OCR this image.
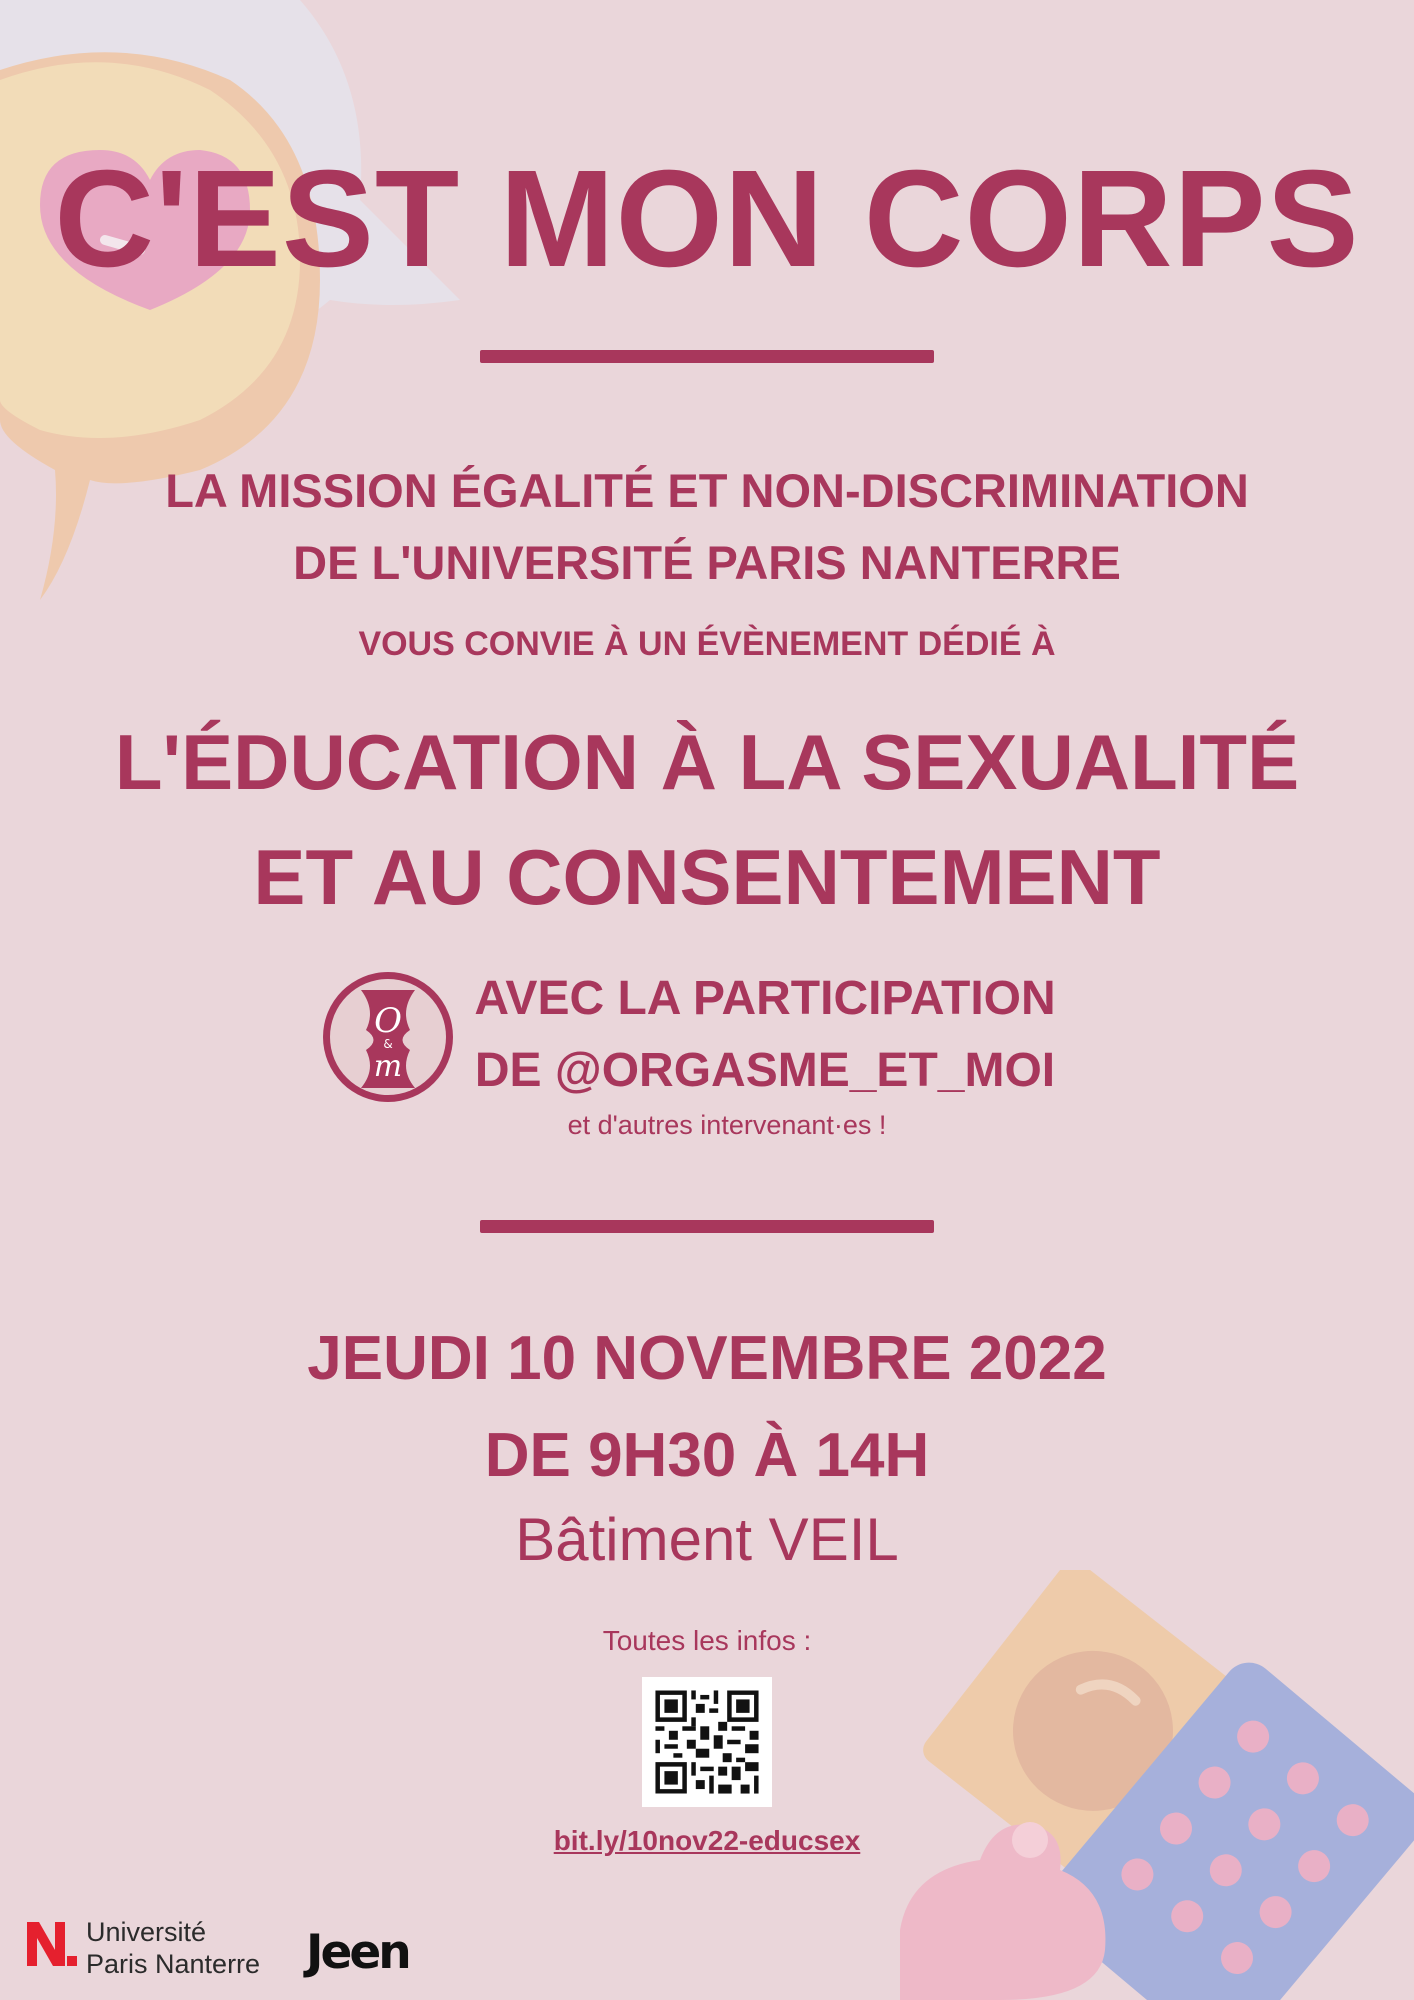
C'EST MON CORPS
LA MISSION ÉGALITÉ ET NON-DISCRIMINATION
DE L'UNIVERSITÉ PARIS NANTERRE
VOUS CONVIE À UN ÉVÈNEMENT DÉDIÉ À
L'ÉDUCATION À LA SEXUALITÉ
ET AU CONSENTEMENT
O
&
m
AVEC LA PARTICIPATION
DE @ORGASME_ET_MOI
et d'autres intervenant·es !
JEUDI 10 NOVEMBRE 2022
DE 9H30 À 14H
Bâtiment VEIL
Toutes les infos :
bit.ly/10nov22-educsex
Université
Paris Nanterre Jeen
